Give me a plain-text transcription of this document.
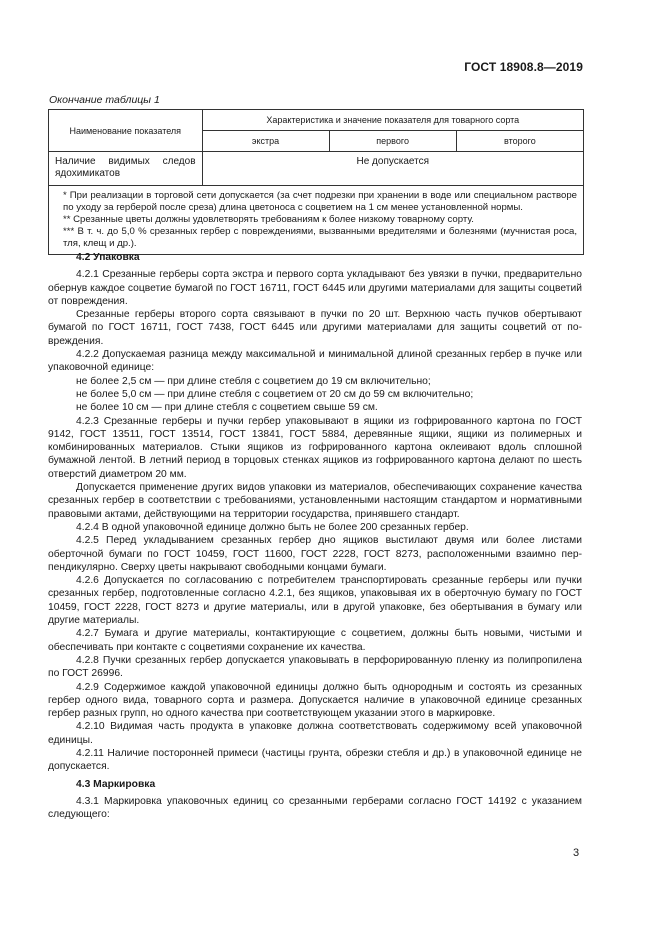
ГОСТ 18908.8—2019
Окончание таблицы 1
Наименование показателя	Характеристика и значение показателя для товарного сорта		
	экстра	первого	второго
Наличие видимых следов ядохимикатов	Не допускается		

* При реализации в торговой сети допускается (за счет подрезки при хранении в воде или специальном растворе по уходу за герберой после среза) длина цветоноса с соцветием на 1 см менее установленной нормы.

** Срезанные цветы должны удовлетворять требованиям к более низкому товарному сорту.

*** В т. ч. до 5,0 % срезанных гербер с повреждениями, вызванными вредителями и болезнями (мучнистая роса, тля, клещ и др.).			

4.2 Упаковка

4.2.1 Срезанные герберы сорта экстра и первого сорта укладывают без увязки в пучки, предварительно обернув каждое соцветие бумагой по ГОСТ 16711, ГОСТ 6445 или другими материалами для защиты соцветий от повреждения.

Срезанные герберы второго сорта связывают в пучки по 20 шт. Верхнюю часть пучков обертывают бумагой по ГОСТ 16711, ГОСТ 7438, ГОСТ 6445 или другими материалами для защиты соцветий от повреждения.

4.2.2 Допускаемая разница между максимальной и минимальной длиной срезанных гербер в пучке или упаковочной единице:

не более 2,5 см — при длине стебля с соцветием до 19 см включительно;

не более 5,0 см — при длине стебля с соцветием от 20 см до 59 см включительно;

не более 10 см — при длине стебля с соцветием свыше 59 см.

4.2.3 Срезанные герберы и пучки гербер упаковывают в ящики из гофрированного картона по ГОСТ 9142, ГОСТ 13511, ГОСТ 13514, ГОСТ 13841, ГОСТ 5884, деревянные ящики, ящики из полимерных и комбинированных материалов. Стыки ящиков из гофрированного картона оклеивают вдоль сплошной бумажной лентой. В летний период в торцовых стенках ящиков из гофрированного картона делают по шесть отверстий диаметром 20 мм.

Допускается применение других видов упаковки из материалов, обеспечивающих сохранение качества срезанных гербер в соответствии с требованиями, установленными настоящим стандартом и нормативными правовыми актами, действующими на территории государства, принявшего стандарт.

4.2.4 В одной упаковочной единице должно быть не более 200 срезанных гербер.

4.2.5 Перед укладыванием срезанных гербер дно ящиков выстилают двумя или более листами оберточной бумаги по ГОСТ 10459, ГОСТ 11600, ГОСТ 2228, ГОСТ 8273, расположенными взаимно перпендикулярно. Сверху цветы накрывают свободными концами бумаги.

4.2.6 Допускается по согласованию с потребителем транспортировать срезанные герберы или пучки срезанных гербер, подготовленные согласно 4.2.1, без ящиков, упаковывая их в оберточную бумагу по ГОСТ 10459, ГОСТ 2228, ГОСТ 8273 и другие материалы, или в другой упаковке, без обертывания в бумагу или другие материалы.

4.2.7 Бумага и другие материалы, контактирующие с соцветием, должны быть новыми, чистыми и обеспечивать при контакте с соцветиями сохранение их качества.

4.2.8 Пучки срезанных гербер допускается упаковывать в перфорированную пленку из полипропилена по ГОСТ 26996.

4.2.9 Содержимое каждой упаковочной единицы должно быть однородным и состоять из срезанных гербер одного вида, товарного сорта и размера. Допускается наличие в упаковочной единице срезанных гербер разных групп, но одного качества при соответствующем указании этого в маркировке.

4.2.10 Видимая часть продукта в упаковке должна соответствовать содержимому всей упаковочной единицы.

4.2.11 Наличие посторонней примеси (частицы грунта, обрезки стебля и др.) в упаковочной единице не допускается.

4.3 Маркировка

4.3.1 Маркировка упаковочных единиц со срезанными герберами согласно ГОСТ 14192 с указанием следующего:

3
